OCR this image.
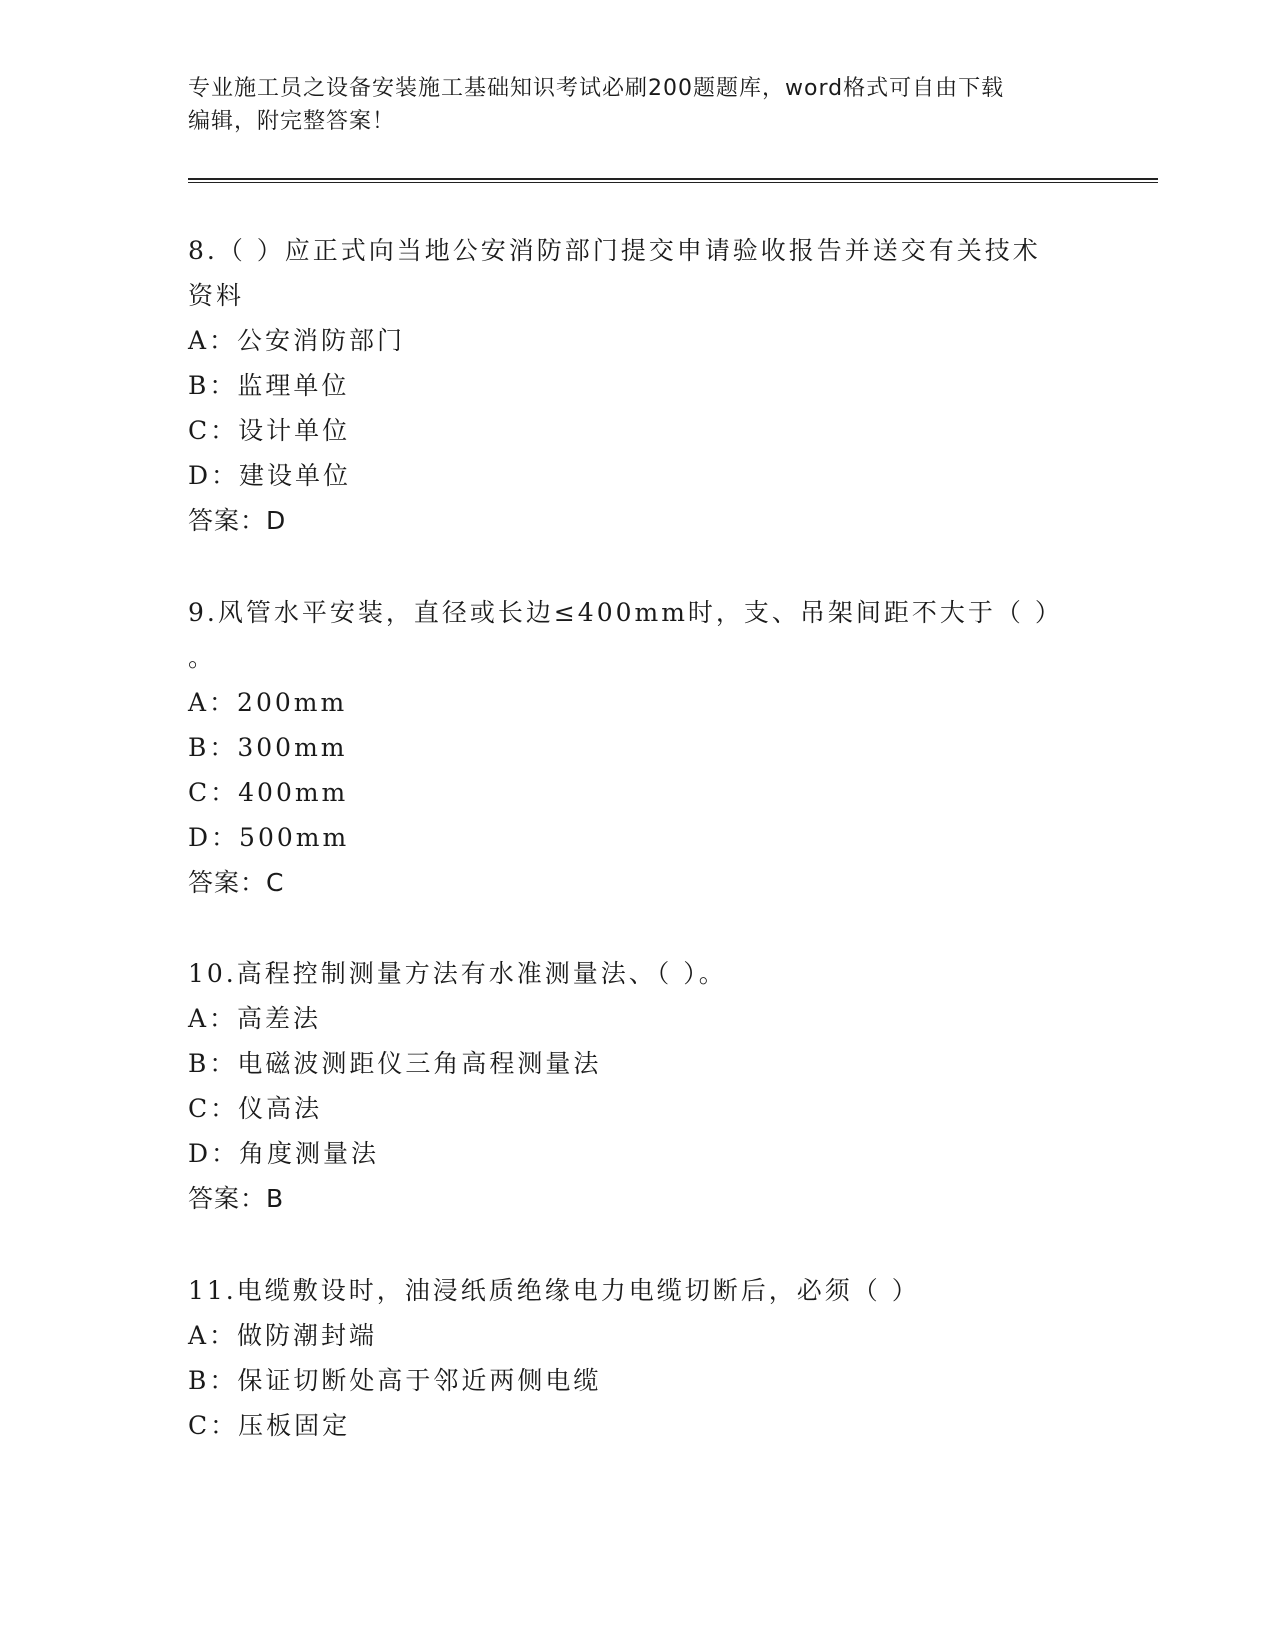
专业施工员之设备安装施工基础知识考试必刷200题题库，word格式可自由下载
编辑，附完整答案！
8.（ ）应正式向当地公安消防部门提交申请验收报告并送交有关技术
资料
A：公安消防部门
B：监理单位
C：设计单位
D：建设单位
答案：D
9.风管水平安装，直径或长边≤400mm时，支、吊架间距不大于（ ）
。
A：200mm
B：300mm
C：400mm
D：500mm
答案：C
10.高程控制测量方法有水准测量法、（ ）。
A：高差法
B：电磁波测距仪三角高程测量法
C：仪高法
D：角度测量法
答案：B
11.电缆敷设时，油浸纸质绝缘电力电缆切断后，必须（ ）
A：做防潮封端
B：保证切断处高于邻近两侧电缆
C：压板固定
